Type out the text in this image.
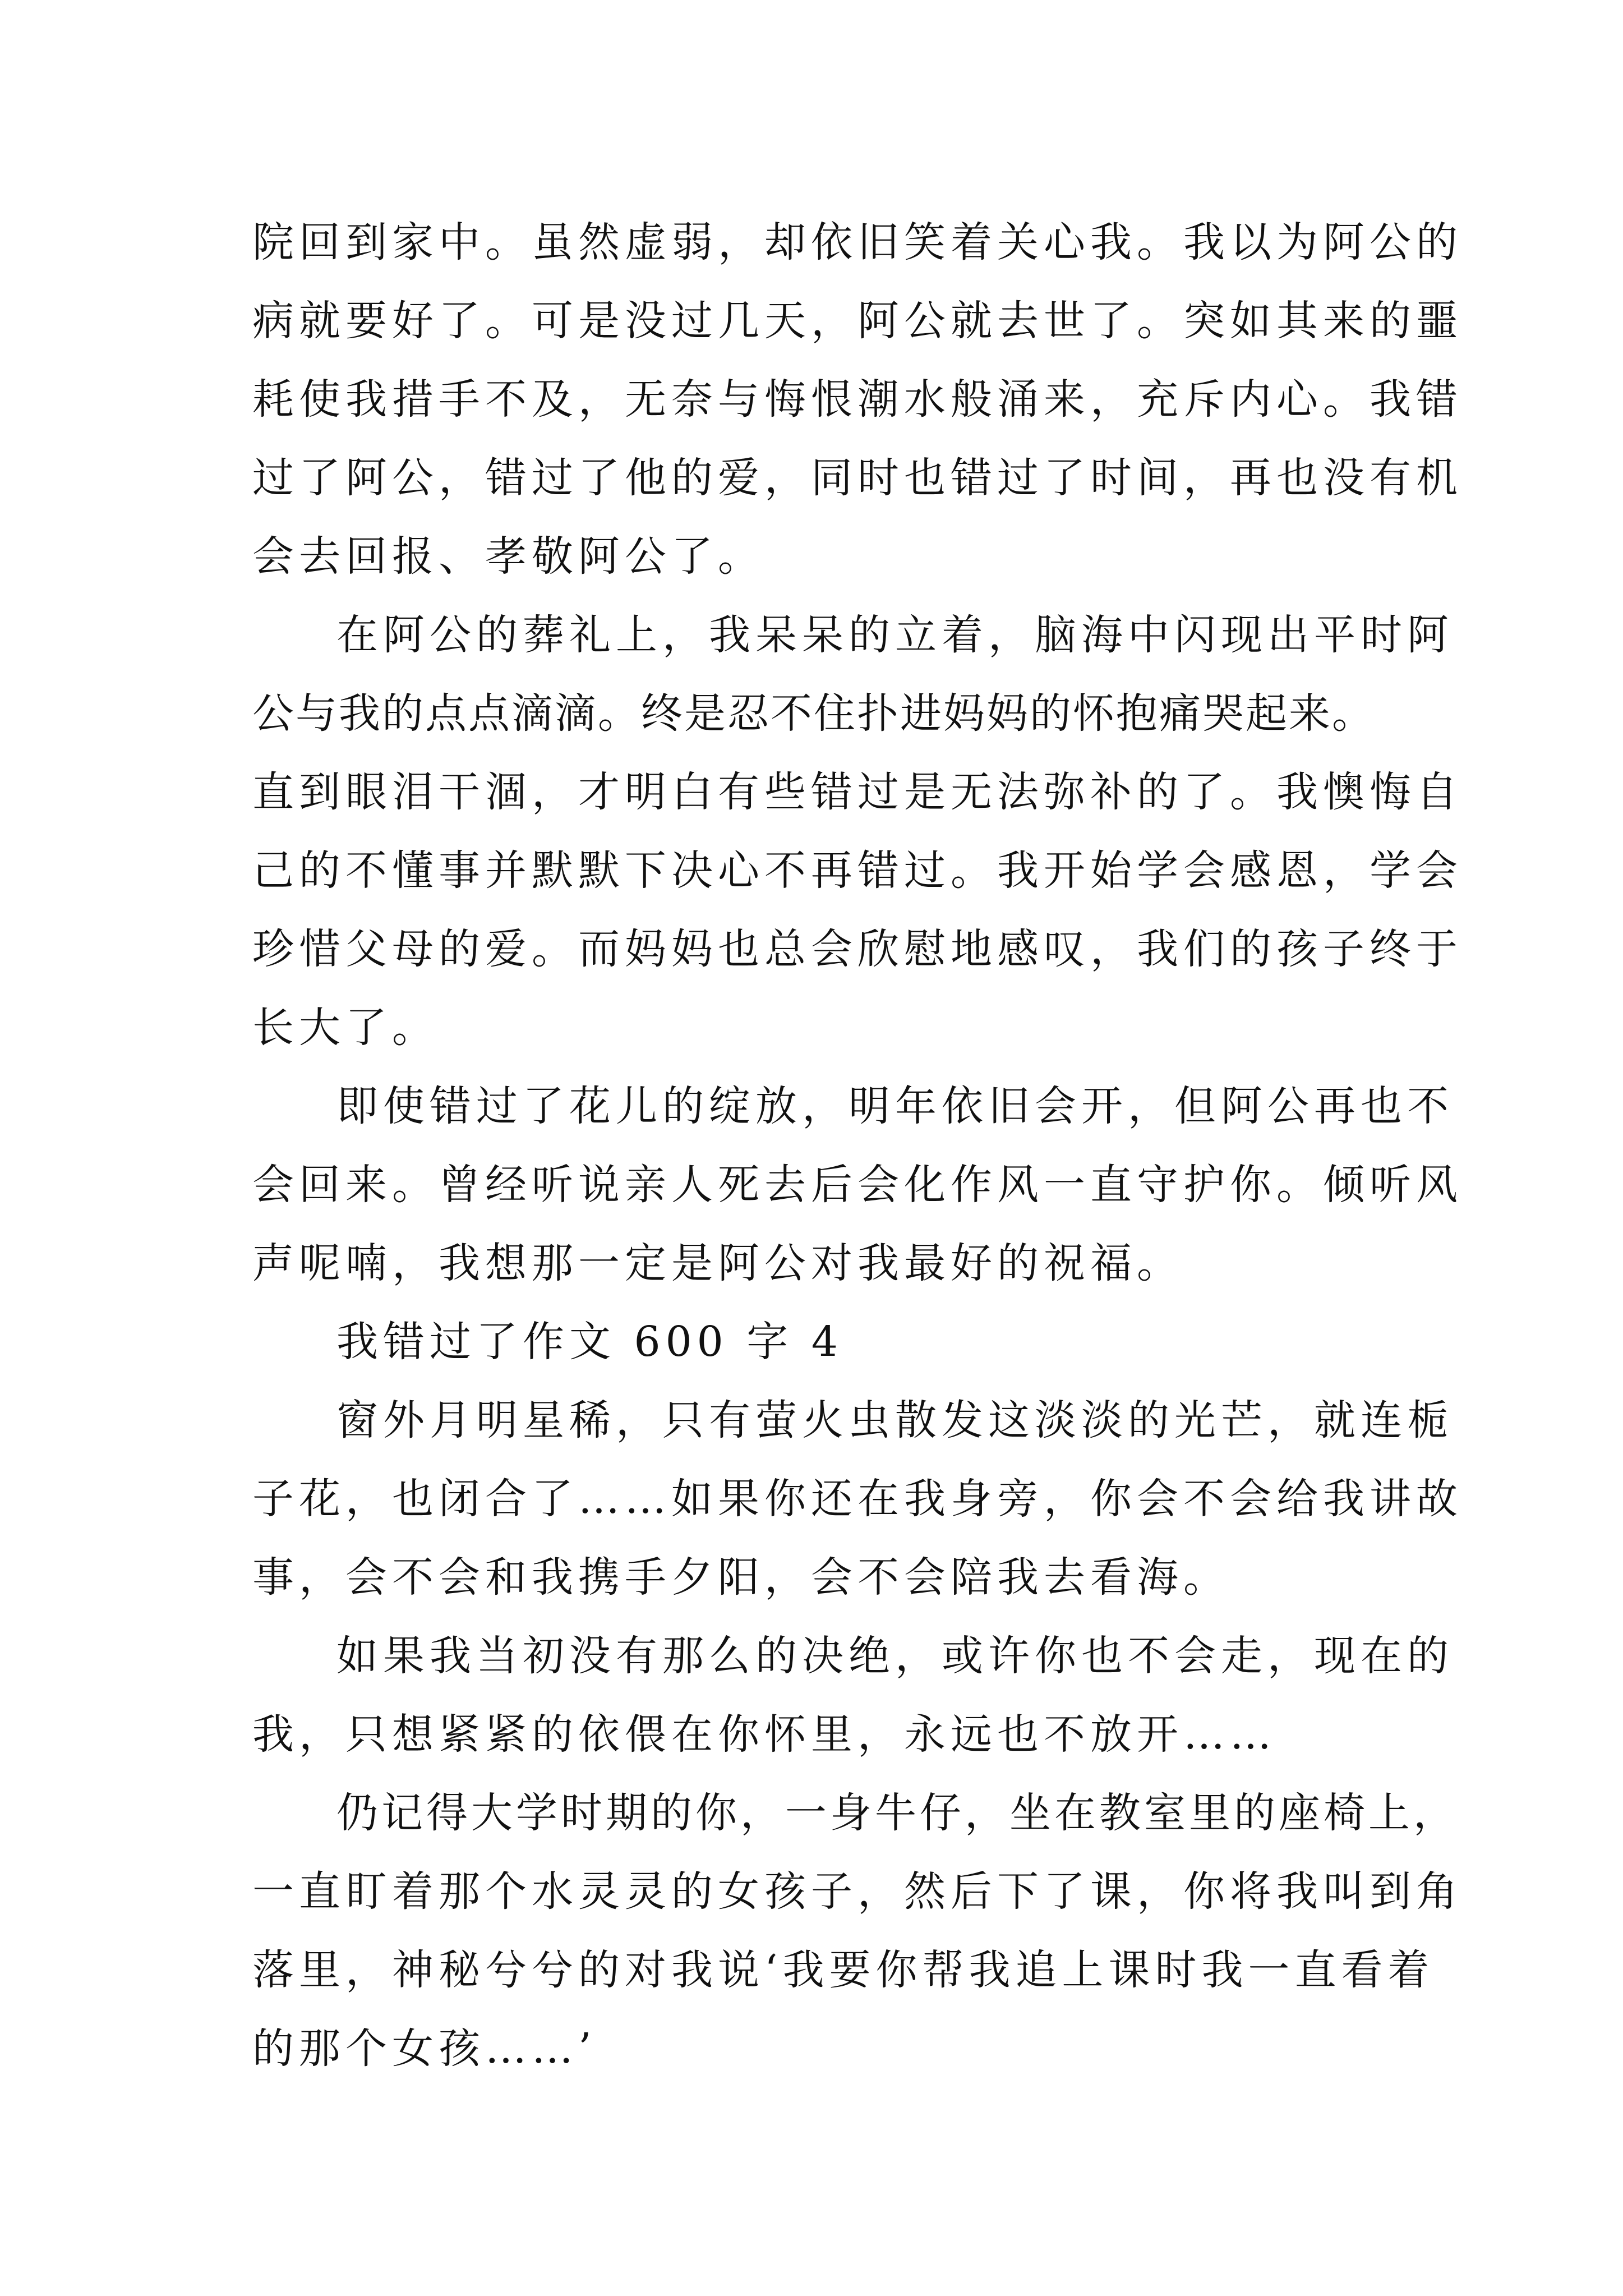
院回到家中。虽然虚弱，却依旧笑着关心我。我以为阿公的
病就要好了。可是没过几天，阿公就去世了。突如其来的噩
耗使我措手不及，无奈与悔恨潮水般涌来，充斥内心。我错
过了阿公，错过了他的爱，同时也错过了时间，再也没有机
会去回报、孝敬阿公了。
在阿公的葬礼上，我呆呆的立着，脑海中闪现出平时阿
公与我的点点滴滴。终是忍不住扑进妈妈的怀抱痛哭起来。
直到眼泪干涸，才明白有些错过是无法弥补的了。我懊悔自
己的不懂事并默默下决心不再错过。我开始学会感恩，学会
珍惜父母的爱。而妈妈也总会欣慰地感叹，我们的孩子终于
长大了。
即使错过了花儿的绽放，明年依旧会开，但阿公再也不
会回来。曾经听说亲人死去后会化作风一直守护你。倾听风
声呢喃，我想那一定是阿公对我最好的祝福。
我错过了作文 600 字 4
窗外月明星稀，只有萤火虫散发这淡淡的光芒，就连栀
子花，也闭合了……如果你还在我身旁，你会不会给我讲故
事，会不会和我携手夕阳，会不会陪我去看海。
如果我当初没有那么的决绝，或许你也不会走，现在的
我，只想紧紧的依偎在你怀里，永远也不放开……
仍记得大学时期的你，一身牛仔，坐在教室里的座椅上，
一直盯着那个水灵灵的女孩子，然后下了课，你将我叫到角
落里，神秘兮兮的对我说‘我要你帮我追上课时我一直看着
的那个女孩……’
